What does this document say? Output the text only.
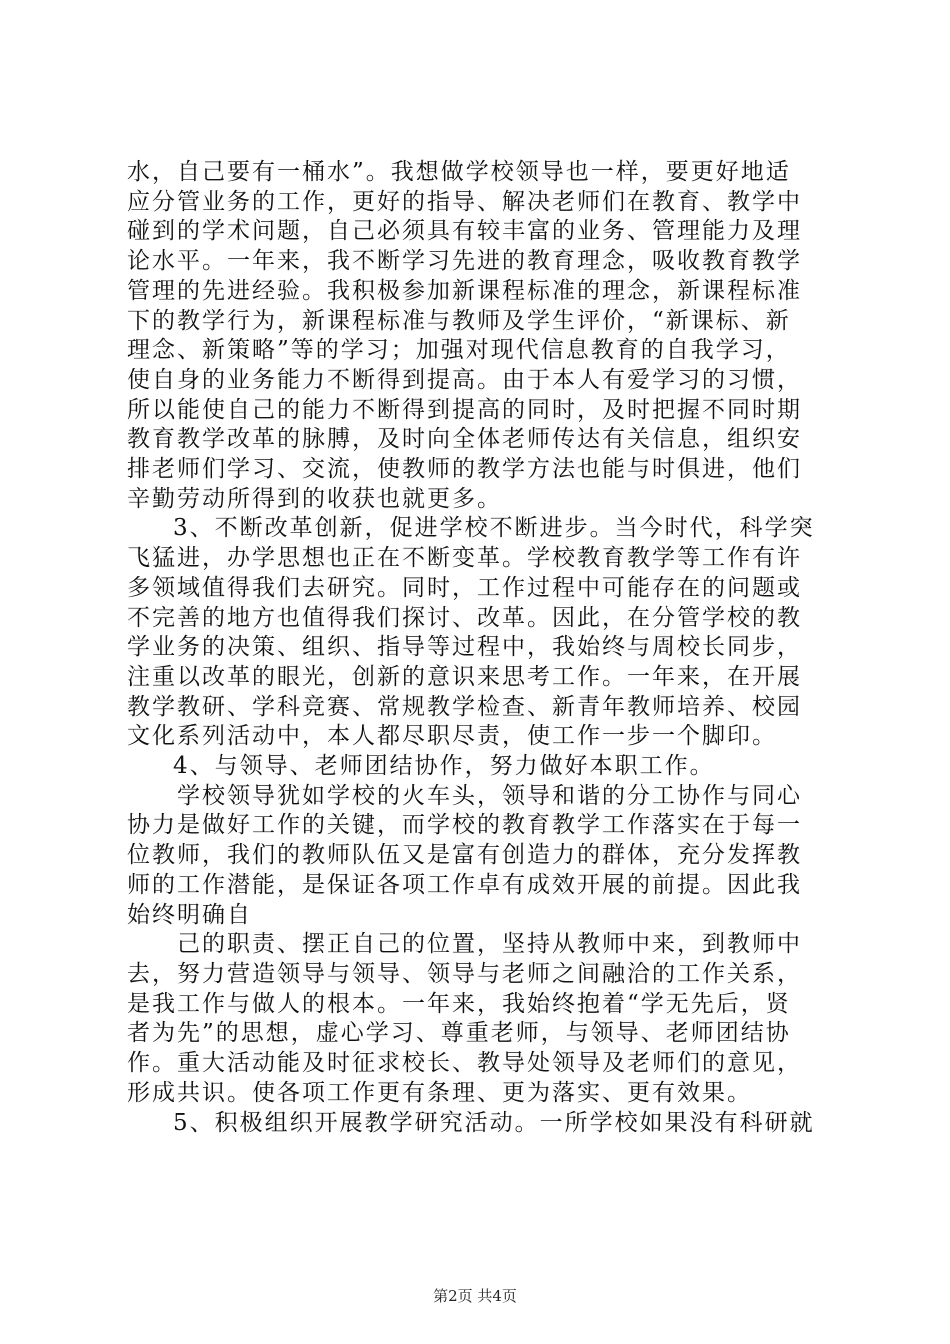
水，自己要有一桶水”。我想做学校领导也一样，要更好地适
应分管业务的工作，更好的指导、解决老师们在教育、教学中
碰到的学术问题，自己必须具有较丰富的业务、管理能力及理
论水平。一年来，我不断学习先进的教育理念，吸收教育教学
管理的先进经验。我积极参加新课程标准的理念，新课程标准
下的教学行为，新课程标准与教师及学生评价，“新课标、新
理念、新策略”等的学习；加强对现代信息教育的自我学习，
使自身的业务能力不断得到提高。由于本人有爱学习的习惯，
所以能使自己的能力不断得到提高的同时，及时把握不同时期
教育教学改革的脉膊，及时向全体老师传达有关信息，组织安
排老师们学习、交流，使教师的教学方法也能与时俱进，他们
辛勤劳动所得到的收获也就更多。
3、不断改革创新，促进学校不断进步。当今时代，科学突
飞猛进，办学思想也正在不断变革。学校教育教学等工作有许
多领域值得我们去研究。同时，工作过程中可能存在的问题或
不完善的地方也值得我们探讨、改革。因此，在分管学校的教
学业务的决策、组织、指导等过程中，我始终与周校长同步，
注重以改革的眼光，创新的意识来思考工作。一年来，在开展
教学教研、学科竞赛、常规教学检查、新青年教师培养、校园
文化系列活动中，本人都尽职尽责，使工作一步一个脚印。
4、与领导、老师团结协作，努力做好本职工作。
学校领导犹如学校的火车头，领导和谐的分工协作与同心
协力是做好工作的关键，而学校的教育教学工作落实在于每一
位教师，我们的教师队伍又是富有创造力的群体，充分发挥教
师的工作潜能，是保证各项工作卓有成效开展的前提。因此我
始终明确自
己的职责、摆正自己的位置，坚持从教师中来，到教师中
去，努力营造领导与领导、领导与老师之间融洽的工作关系，
是我工作与做人的根本。一年来，我始终抱着“学无先后，贤
者为先”的思想，虚心学习、尊重老师，与领导、老师团结协
作。重大活动能及时征求校长、教导处领导及老师们的意见，
形成共识。使各项工作更有条理、更为落实、更有效果。
5、积极组织开展教学研究活动。一所学校如果没有科研就
第2页 共4页
